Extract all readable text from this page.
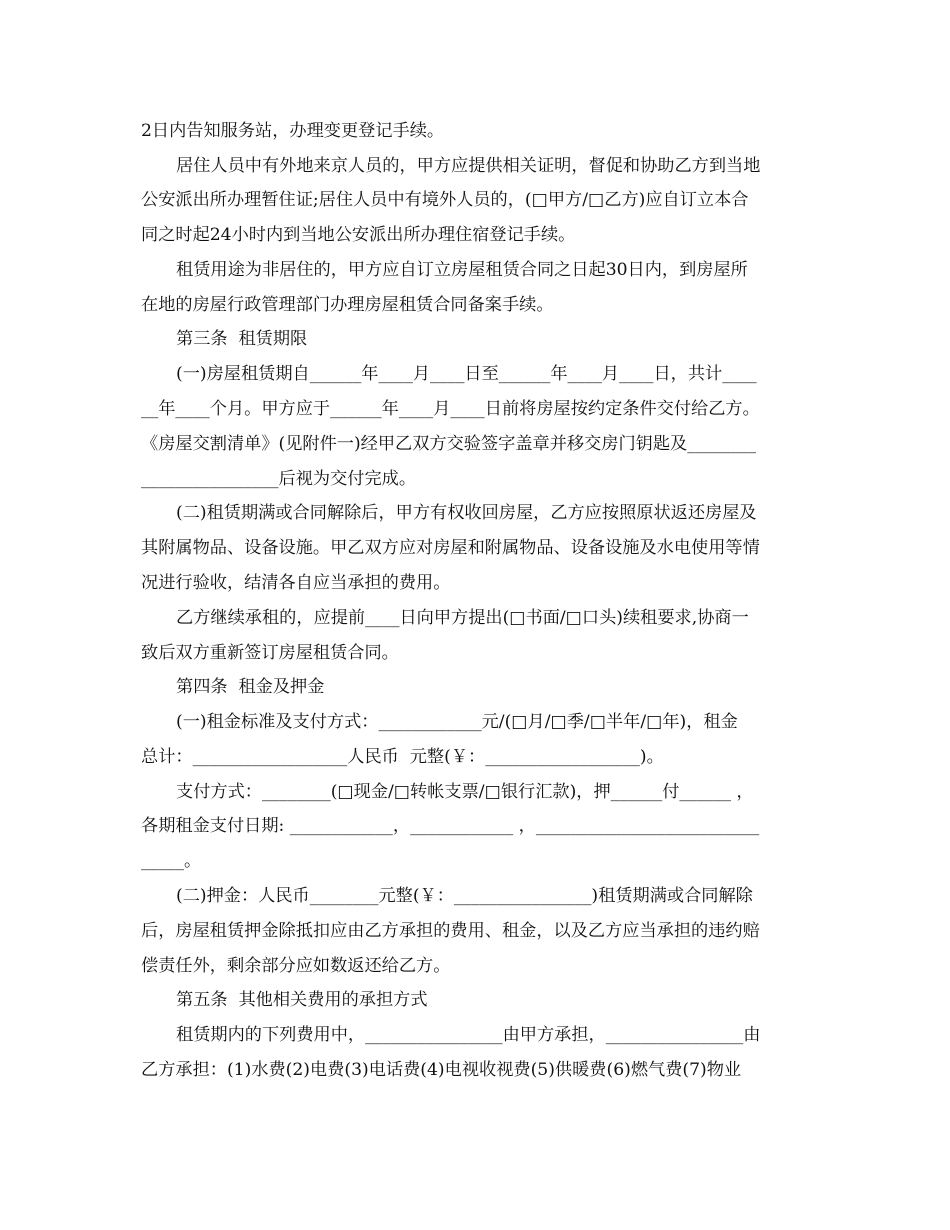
2日内告知服务站，办理变更登记手续。
居住人员中有外地来京人员的，甲方应提供相关证明，督促和协助乙方到当地
公安派出所办理暂住证;居住人员中有境外人员的，(□甲方/□乙方)应自订立本合
同之时起24小时内到当地公安派出所办理住宿登记手续。
租赁用途为非居住的，甲方应自订立房屋租赁合同之日起30日内，到房屋所
在地的房屋行政管理部门办理房屋租赁合同备案手续。
第三条  租赁期限
(一)房屋租赁期自______年____月____日至______年____月____日，共计____
__年____个月。甲方应于______年____月____日前将房屋按约定条件交付给乙方。
《房屋交割清单》(见附件一)经甲乙双方交验签字盖章并移交房门钥匙及________
________________后视为交付完成。
(二)租赁期满或合同解除后，甲方有权收回房屋，乙方应按照原状返还房屋及
其附属物品、设备设施。甲乙双方应对房屋和附属物品、设备设施及水电使用等情
况进行验收，结清各自应当承担的费用。
乙方继续承租的，应提前____日向甲方提出(□书面/□口头)续租要求,协商一
致后双方重新签订房屋租赁合同。
第四条  租金及押金
(一)租金标准及支付方式：____________元/(□月/□季/□半年/□年)，租金
总计：__________________人民币  元整(￥：__________________)。
支付方式：________(□现金/□转帐支票/□银行汇款)，押______付______ ，
各期租金支付日期: ____________，____________ ，__________________________
_____。
(二)押金：人民币________元整(￥：________________)租赁期满或合同解除
后，房屋租赁押金除抵扣应由乙方承担的费用、租金，以及乙方应当承担的违约赔
偿责任外，剩余部分应如数返还给乙方。
第五条  其他相关费用的承担方式
租赁期内的下列费用中，________________由甲方承担，________________由
乙方承担：(1)水费(2)电费(3)电话费(4)电视收视费(5)供暖费(6)燃气费(7)物业
